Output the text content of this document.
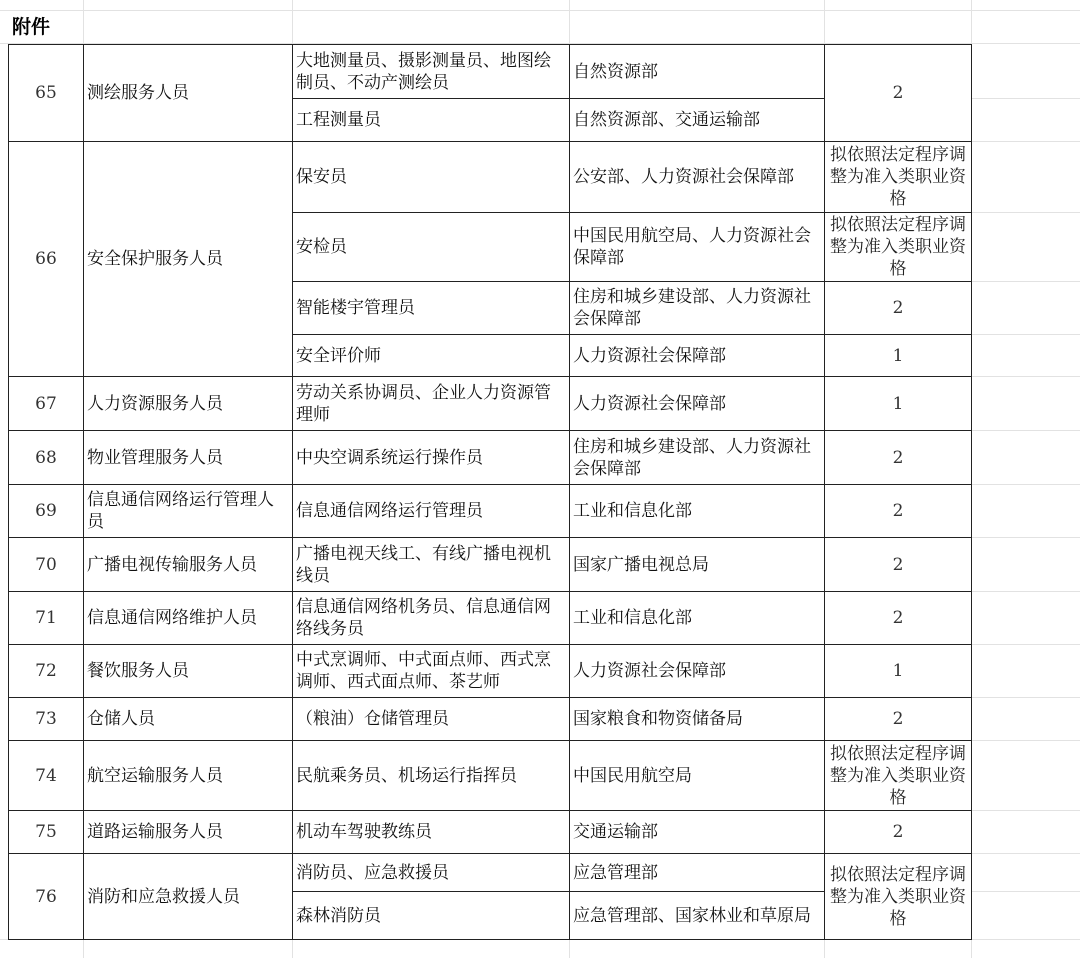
附件
65	测绘服务人员	大地测量员、摄影测量员、地图绘制员、不动产测绘员	自然资源部	2
		工程测量员	自然资源部、交通运输部	
66	安全保护服务人员	保安员	公安部、人力资源社会保障部	拟依照法定程序调整为准入类职业资格
		安检员	中国民用航空局、人力资源社会保障部	拟依照法定程序调整为准入类职业资格
		智能楼宇管理员	住房和城乡建设部、人力资源社会保障部	2
		安全评价师	人力资源社会保障部	1
67	人力资源服务人员	劳动关系协调员、企业人力资源管理师	人力资源社会保障部	1
68	物业管理服务人员	中央空调系统运行操作员	住房和城乡建设部、人力资源社会保障部	2
69	信息通信网络运行管理人员	信息通信网络运行管理员	工业和信息化部	2
70	广播电视传输服务人员	广播电视天线工、有线广播电视机线员	国家广播电视总局	2
71	信息通信网络维护人员	信息通信网络机务员、信息通信网络线务员	工业和信息化部	2
72	餐饮服务人员	中式烹调师、中式面点师、西式烹调师、西式面点师、茶艺师	人力资源社会保障部	1
73	仓储人员	（粮油）仓储管理员	国家粮食和物资储备局	2
74	航空运输服务人员	民航乘务员、机场运行指挥员	中国民用航空局	拟依照法定程序调整为准入类职业资格
75	道路运输服务人员	机动车驾驶教练员	交通运输部	2
76	消防和应急救援人员	消防员、应急救援员	应急管理部	拟依照法定程序调整为准入类职业资格
		森林消防员	应急管理部、国家林业和草原局	
